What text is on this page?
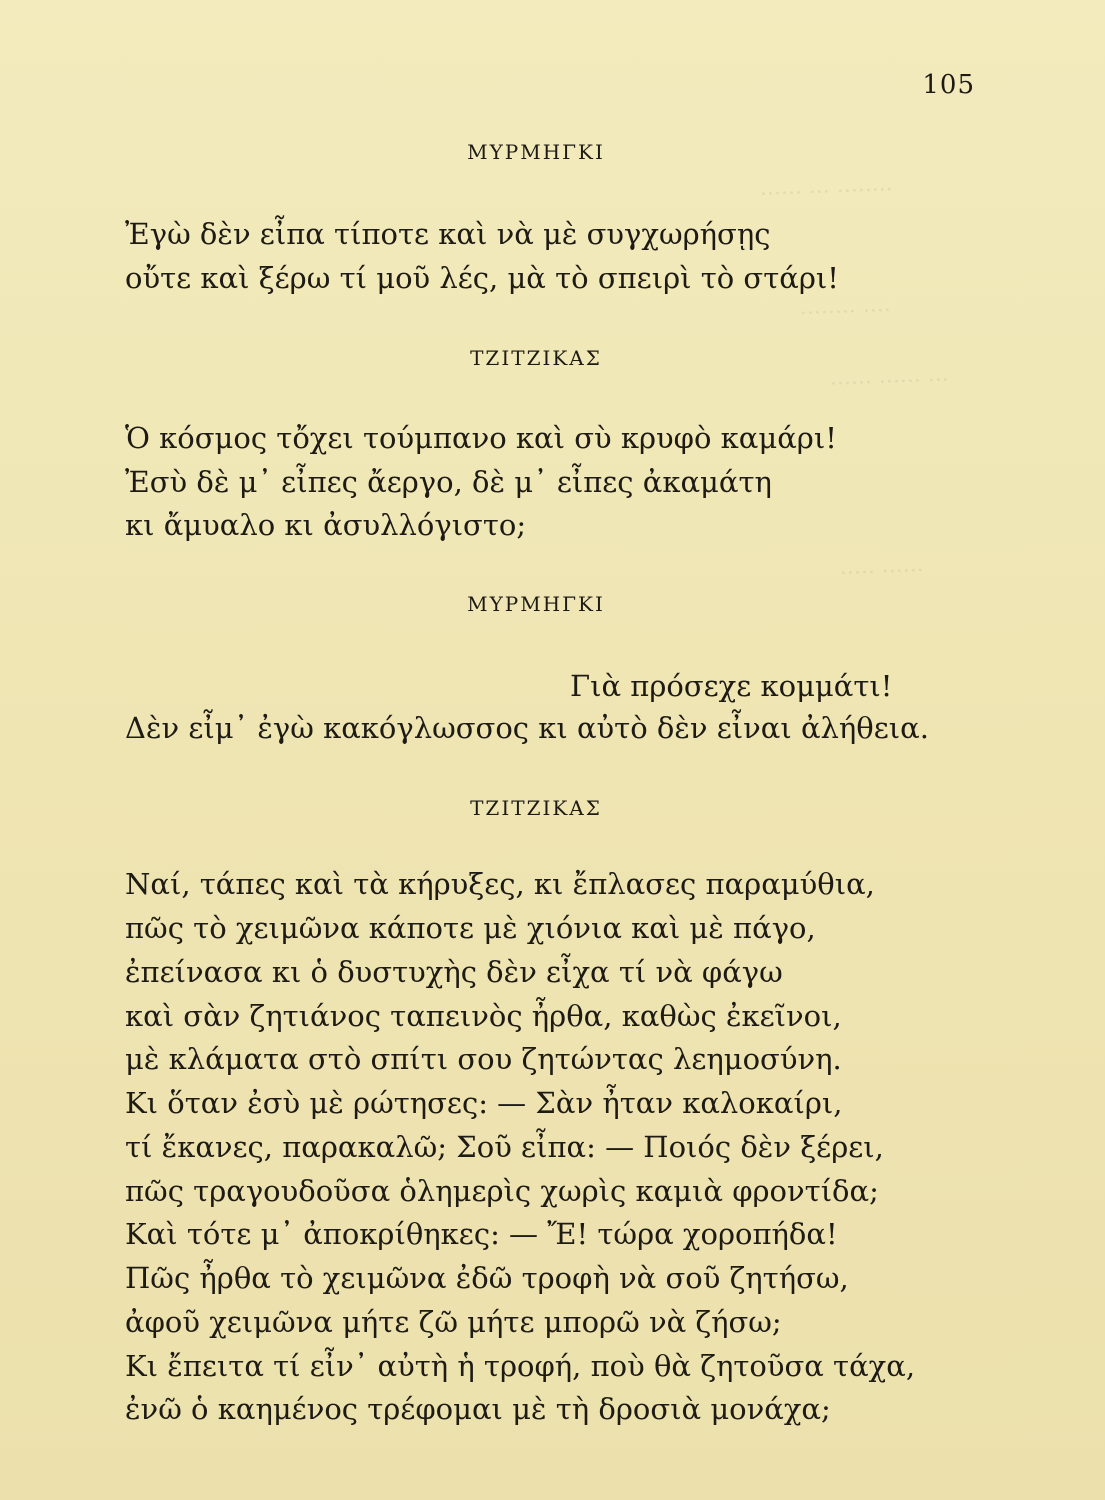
······ ··· ········
········ ····
······ ······ ···
····· ······
105
ΜΥΡΜΗΓΚΙ
Ἐγὼ δὲν εἶπα τίποτε καὶ νὰ μὲ συγχωρήσῃς
οὔτε καὶ ξέρω τί μοῦ λές, μὰ τὸ σπειρὶ τὸ στάρι!
ΤΖΙΤΖΙΚΑΣ
Ὁ κόσμος τὄχει τούμπανο καὶ σὺ κρυφὸ καμάρι!
Ἐσὺ δὲ μ᾿ εἶπες ἄεργο, δὲ μ᾿ εἶπες ἀκαμάτη
κι ἄμυαλο κι ἀσυλλόγιστο;
ΜΥΡΜΗΓΚΙ
Γιὰ πρόσεχε κομμάτι!
Δὲν εἶμ᾿ ἐγὼ κακόγλωσσος κι αὐτὸ δὲν εἶναι ἀλήθεια.
ΤΖΙΤΖΙΚΑΣ
Ναί, τάπες καὶ τὰ κήρυξες, κι ἔπλασες παραμύθια,
πῶς τὸ χειμῶνα κάποτε μὲ χιόνια καὶ μὲ πάγο,
ἐπείνασα κι ὁ δυστυχὴς δὲν εἶχα τί νὰ φάγω
καὶ σὰν ζητιάνος ταπεινὸς ἦρθα, καθὼς ἐκεῖνοι,
μὲ κλάματα στὸ σπίτι σου ζητώντας λεημοσύνη.
Κι ὅταν ἐσὺ μὲ ρώτησες: — Σὰν ἦταν καλοκαίρι,
τί ἔκανες, παρακαλῶ; Σοῦ εἶπα: — Ποιός δὲν ξέρει,
πῶς τραγουδοῦσα ὁλημερὶς χωρὶς καμιὰ φροντίδα;
Καὶ τότε μ᾿ ἀποκρίθηκες: — Ἔ! τώρα χοροπήδα!
Πῶς ἦρθα τὸ χειμῶνα ἐδῶ τροφὴ νὰ σοῦ ζητήσω,
ἀφοῦ χειμῶνα μήτε ζῶ μήτε μπορῶ νὰ ζήσω;
Κι ἔπειτα τί εἶν᾿ αὐτὴ ἡ τροφή, ποὺ θὰ ζητοῦσα τάχα,
ἐνῶ ὁ καημένος τρέφομαι μὲ τὴ δροσιὰ μονάχα;
